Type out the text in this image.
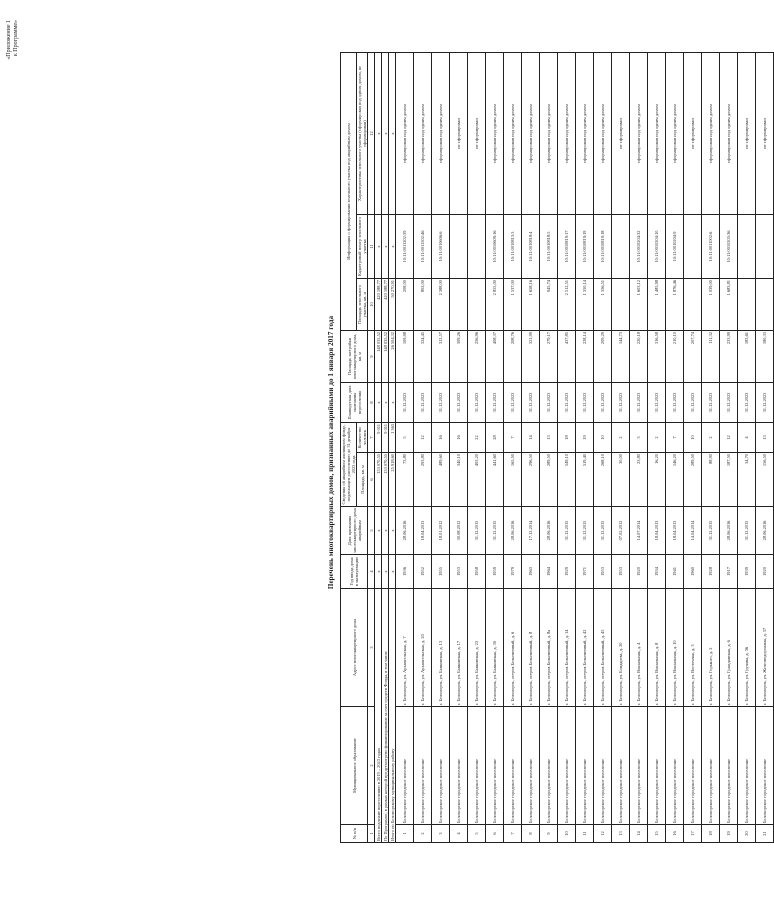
«Приложение 1 к Программе»
Перечень многоквартирных домов, признанных аварийными до 1 января 2017 года
№ п/п	Муниципальное образование	Адрес многоквартирного дома	Год ввода дома в эксплуатацию	Дата признания многоквартирного дома аварийным	Сведения об аварийном жилищном фонде, подлежащем расселению до 31 декабря 2023 года		Планируемая дата окончания переселения	Площадь застройки многоквартирного дома, кв. м	Информация о формировании земельного участка под аварийным домом		
					Площадь, кв. м	Количество человек			Площадь земельного участка, кв. м	Кадастровый номер земельного участка	Характеристика земельного участка (сформирован под одним домом, не сформирован)
1	2	3	4	5	6	7	8	9	10	11	12
Всего подлежит переселению в 2019 – 2023 годах			x	x	153 070,55	9 011	x	148 035,52	420 188,77	x	x
По Программе, в рамках которой предусмотрено финансирование за счет средств Фонда, в том числе			x	x	153 070,55	9 011	x	148 035,52	420 188,77	x	x
Итого по Беломорскому муниципальному району			x	x	25 918,60	1 363	x	26 504,32	50 270,91	x	x
1	Беломорское городское поселение	г. Беломорск, ул. Архангельская, д. 7	1936	28.06.2016	73,80	5	31.12.2023	109,98	208,00	10:11:0011202:39	сформирован под одним домом
2	Беломорское городское поселение	г. Беломорск, ул. Архангельская, д. 20	1952	18.04.2013	293,80	12	31.12.2023	324,45	802,00	10:11:0011502:46	сформирован под одним домом
3	Беломорское городское поселение	г. Беломорск, ул. Банковская, д. 13	1955	18.01.2012	489,60	16	31.12.2023	312,57	2 388,00	10:11:0010606:6	сформирован под одним домом
4	Беломорское городское поселение	г. Беломорск, ул. Банковская, д. 17	1953	30.08.2012	340,10	16	31.12.2023	309,26			не сформирован
5	Беломорское городское поселение	г. Беломорск, ул. Банковская, д. 23	1958	31.12.2015	405,20	22	31.12.2023	256,96			не сформирован
6	Беломорское городское поселение	г. Беломорск, ул. Банковская, д. 30	1959	31.12.2015	441,60	28	31.12.2023	408,37	2 855,00	10:11:0010609:16	сформирован под одним домом
7	Беломорское городское поселение	г. Беломорск, остров Бельевичный, д. 6	1979	28.06.2016	165,50	7	31.12.2023	208,76	1 537,00	10:11:0010813:3	сформирован под одним домом
8	Беломорское городское поселение	г. Беломорск, остров Бельевичный, д. 8	1963	17.12.2014	296,50	14	31.12.2023	321,99	1 658,16	10:11:0010818:4	сформирован под одним домом
9	Беломорское городское поселение	г. Беломорск, остров Бельевичный, д. 8а	1964	28.06.2016	289,50	13	31.12.2023	279,17	945,74	10:11:0010818:5	сформирован под одним домом
10	Беломорское городское поселение	г. Беломорск, остров Бельевичный, д. 14	1929	31.12.2015	549,10	18	31.12.2023	437,85	2 512,51	10:11:0010819:17	сформирован под одним домом
11	Беломорское городское поселение	г. Беломорск, остров Бельевичный, д. 42	1971	31.12.2015	519,40	19	31.12.2023	228,14	1 350,14	10:11:0010819:19	сформирован под одним домом
12	Беломорское городское поселение	г. Беломорск, остров Бельевичный, д. 45	1953	31.12.2015	268,10	10	31.12.2023	209,29	1 356,51	10:11:0010819:18	сформирован под одним домом
13	Беломорское городское поселение	г. Беломорск, ул. Бондарева, д. 20	1953	07.02.2012	30,00	2	31.12.2023	144,73			не сформирован
14	Беломорское городское поселение	г. Беломорск, ул. Вокзальная, д. 4	1920	14.07.2014	23,80	3	31.12.2023	220,18	1 603,12	10:11:0010204:32	сформирован под одним домом
15	Беломорское городское поселение	г. Беломорск, ул. Вокзальная, д. 8	1934	18.04.2013	16,20	2	31.12.2023	316,58	1 485,98	10:11:0010204:10	сформирован под одним домом
16	Беломорское городское поселение	г. Беломорск, ул. Вокзальная, д. 10	1941	18.04.2013	146,20	7	31.12.2023	210,10	1 876,46	10:11:0010204:9	сформирован под одним домом
17	Беломорское городское поселение	г. Беломорск, ул. Восточная, д. 3	1960	14.04.2014	289,50	10	31.12.2023	207,74			не сформирован
18	Беломорское городское поселение	г. Беломорск, ул. Горького, д. 2	1928	31.12.2015	88,90	2	31.12.2023	111,32	1 039,00	10:11:0011002:6	сформирован под одним домом
19	Беломорское городское поселение	г. Беломорск, ул. Гражданская, д. 6	1917	28.06.2016	187,50	12	31.12.2023	233,99	1 683,81	10:11:0010205:36	сформирован под одним домом
20	Беломорское городское поселение	г. Беломорск, ул. Грузина, д. 36	1939	31.12.2015	34,70	4	31.12.2023	183,61			не сформирован
21	Беломорское городское поселение	г. Беломорск, ул. Железнодорожная, д. 37	1920	28.06.2016	156,50	13	31.12.2023	180,33			не сформирован
